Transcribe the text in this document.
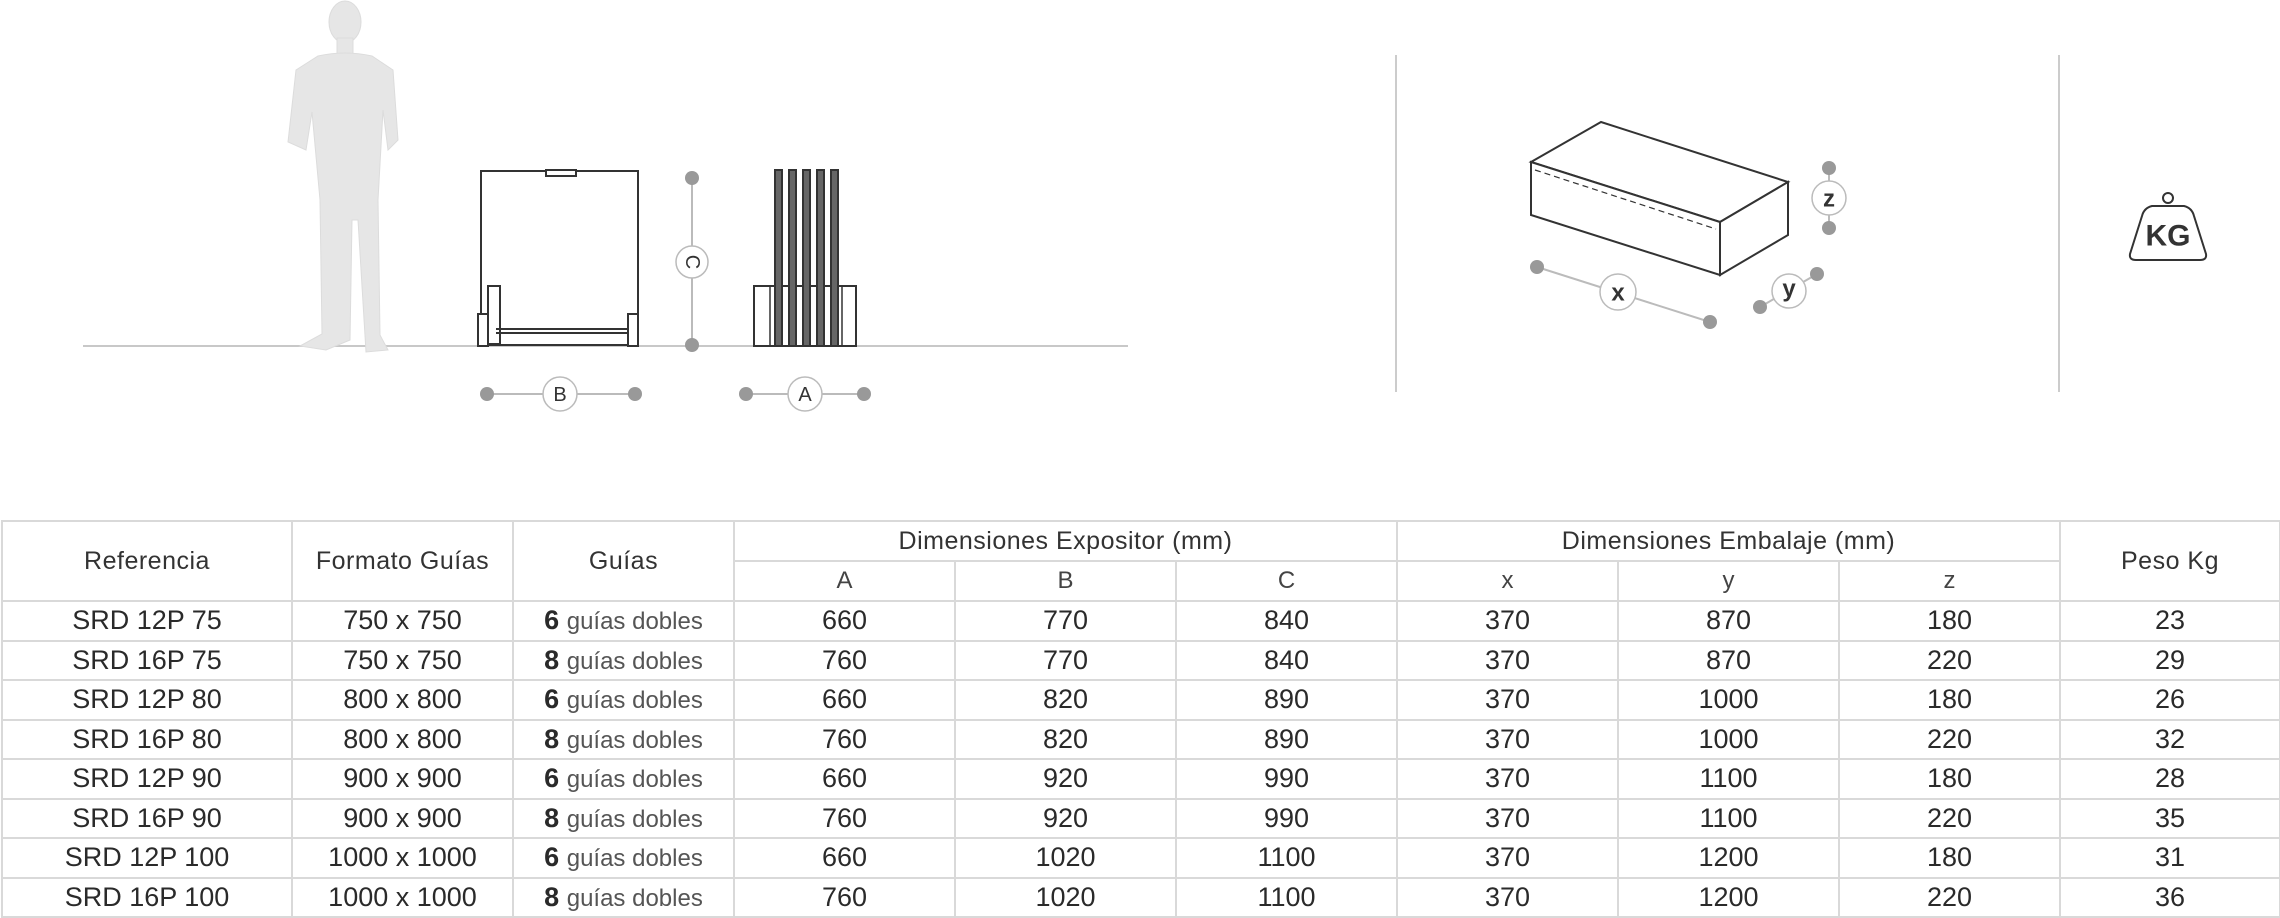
C
B	A
z
x	y
KG
Referencia	Formato Guías	Guías	Dimensiones Expositor (mm)			Dimensiones Embalaje (mm)			Peso Kg
			A	B	C	x	y	z	
SRD 12P 75	750 x 750	6 guías dobles	660	770	840	370	870	180	23
SRD 16P 75	750 x 750	8 guías dobles	760	770	840	370	870	220	29
SRD 12P 80	800 x 800	6 guías dobles	660	820	890	370	1000	180	26
SRD 16P 80	800 x 800	8 guías dobles	760	820	890	370	1000	220	32
SRD 12P 90	900 x 900	6 guías dobles	660	920	990	370	1100	180	28
SRD 16P 90	900 x 900	8 guías dobles	760	920	990	370	1100	220	35
SRD 12P 100	1000 x 1000	6 guías dobles	660	1020	1100	370	1200	180	31
SRD 16P 100	1000 x 1000	8 guías dobles	760	1020	1100	370	1200	220	36
